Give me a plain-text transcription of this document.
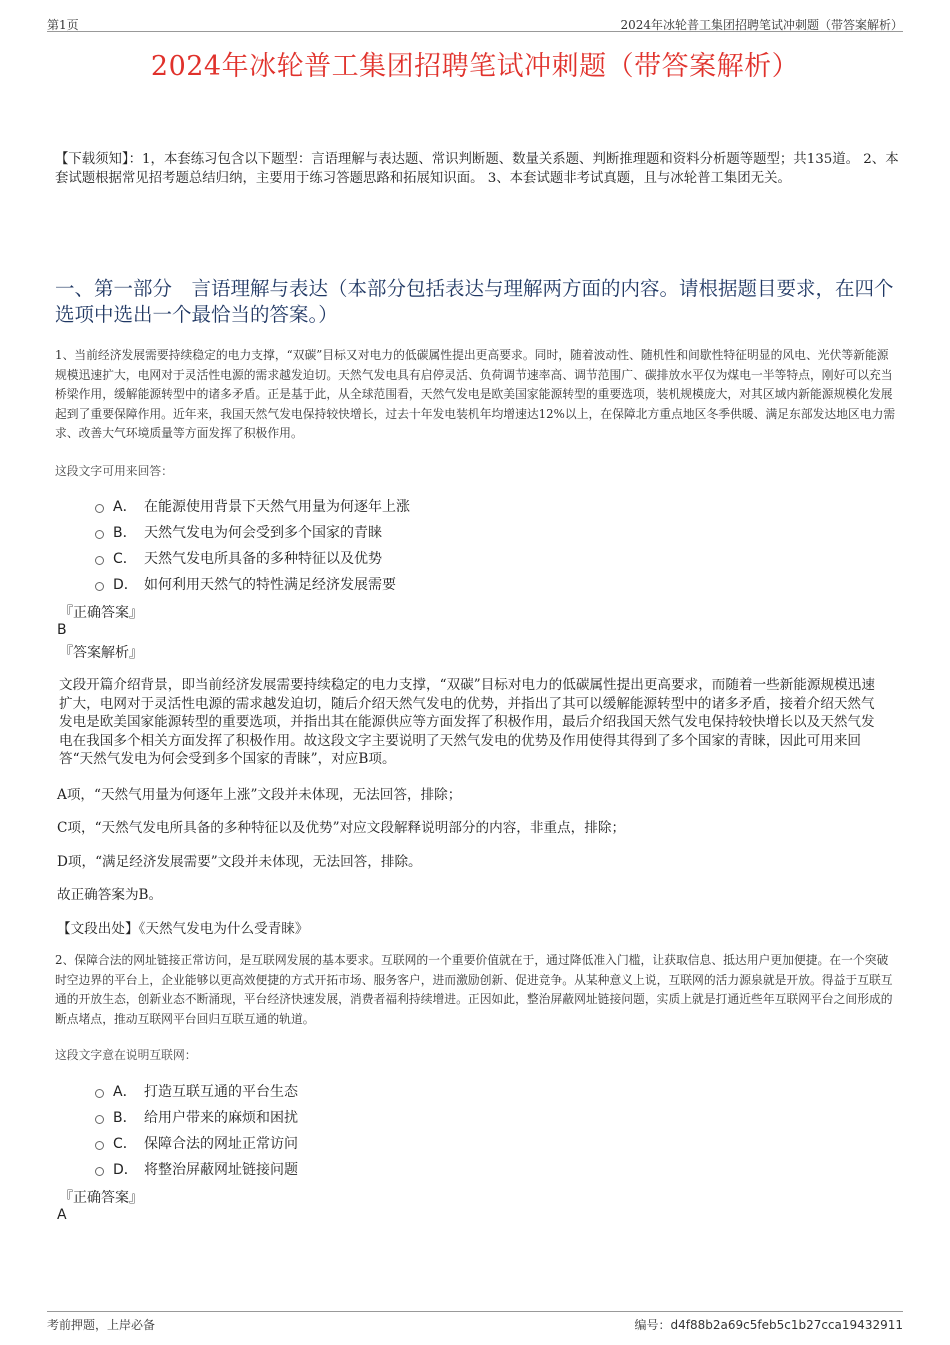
第1页	2024年冰轮普工集团招聘笔试冲刺题（带答案解析）
2024年冰轮普工集团招聘笔试冲刺题（带答案解析）
【下载须知】：1，本套练习包含以下题型：言语理解与表达题、常识判断题、数量关系题、判断推理题和资料分析题等题型；共135道。 2、本套试题根据常见招考题总结归纳，主要用于练习答题思路和拓展知识面。 3、本套试题非考试真题，且与冰轮普工集团无关。
一、第一部分　言语理解与表达（本部分包括表达与理解两方面的内容。请根据题目要求，在四个选项中选出一个最恰当的答案。）
1、当前经济发展需要持续稳定的电力支撑，“双碳”目标又对电力的低碳属性提出更高要求。同时，随着波动性、随机性和间歇性特征明显的风电、光伏等新能源规模迅速扩大，电网对于灵活性电源的需求越发迫切。天然气发电具有启停灵活、负荷调节速率高、调节范围广、碳排放水平仅为煤电一半等特点，刚好可以充当桥梁作用，缓解能源转型中的诸多矛盾。正是基于此，从全球范围看，天然气发电是欧美国家能源转型的重要选项，装机规模庞大，对其区域内新能源规模化发展起到了重要保障作用。近年来，我国天然气发电保持较快增长，过去十年发电装机年均增速达12%以上，在保障北方重点地区冬季供暖、满足东部发达地区电力需求、改善大气环境质量等方面发挥了积极作用。
这段文字可用来回答：
A． 在能源使用背景下天然气用量为何逐年上涨
B． 天然气发电为何会受到多个国家的青睐
C． 天然气发电所具备的多种特征以及优势
D． 如何利用天然气的特性满足经济发展需要
『正确答案』
B
『答案解析』
文段开篇介绍背景，即当前经济发展需要持续稳定的电力支撑，“双碳”目标对电力的低碳属性提出更高要求，而随着一些新能源规模迅速扩大，电网对于灵活性电源的需求越发迫切，随后介绍天然气发电的优势，并指出了其可以缓解能源转型中的诸多矛盾，接着介绍天然气发电是欧美国家能源转型的重要选项，并指出其在能源供应等方面发挥了积极作用，最后介绍我国天然气发电保持较快增长以及天然气发电在我国多个相关方面发挥了积极作用。故这段文字主要说明了天然气发电的优势及作用使得其得到了多个国家的青睐，因此可用来回答“天然气发电为何会受到多个国家的青睐”，对应B项。
A项，“天然气用量为何逐年上涨”文段并未体现，无法回答，排除；
C项，“天然气发电所具备的多种特征以及优势”对应文段解释说明部分的内容，非重点，排除；
D项，“满足经济发展需要”文段并未体现，无法回答，排除。
故正确答案为B。
【文段出处】《天然气发电为什么受青睐》
2、保障合法的网址链接正常访问，是互联网发展的基本要求。互联网的一个重要价值就在于，通过降低准入门槛，让获取信息、抵达用户更加便捷。在一个突破时空边界的平台上，企业能够以更高效便捷的方式开拓市场、服务客户，进而激励创新、促进竞争。从某种意义上说，互联网的活力源泉就是开放。得益于互联互通的开放生态，创新业态不断涌现，平台经济快速发展，消费者福利持续增进。正因如此，整治屏蔽网址链接问题，实质上就是打通近些年互联网平台之间形成的断点堵点，推动互联网平台回归互联互通的轨道。
这段文字意在说明互联网：
A． 打造互联互通的平台生态
B． 给用户带来的麻烦和困扰
C． 保障合法的网址正常访问
D． 将整治屏蔽网址链接问题
『正确答案』
A
考前押题，上岸必备	编号：d4f88b2a69c5feb5c1b27cca19432911
